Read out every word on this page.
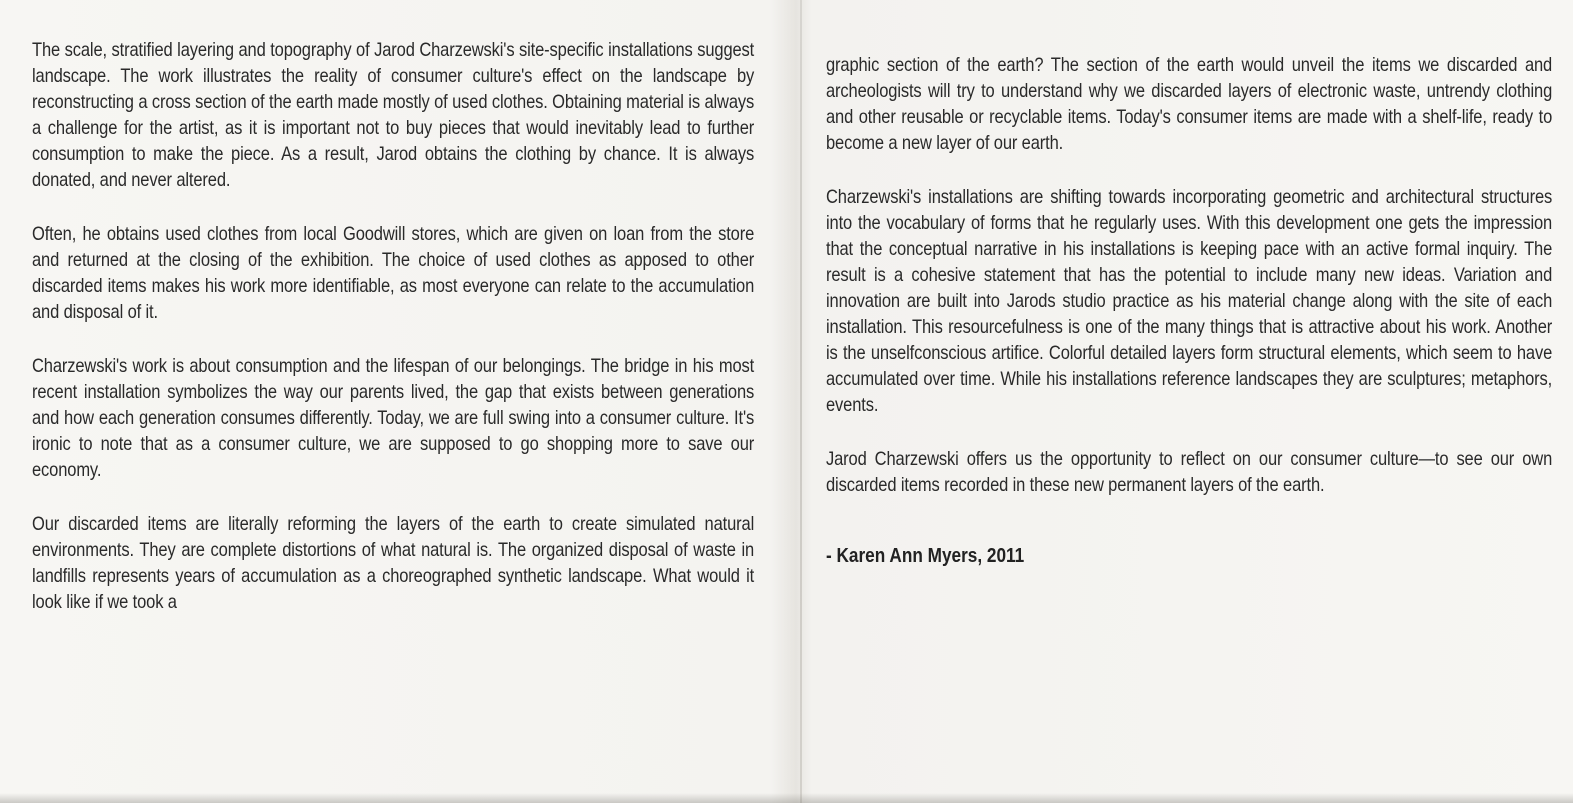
The scale, stratified layering and topography of Jarod Charzewski's site-specific installations suggest landscape. The work illustrates the reality of consumer culture's effect on the landscape by reconstructing a cross section of the earth made mostly of used clothes. Obtaining material is always a challenge for the artist, as it is important not to buy pieces that would inevitably lead to further consumption to make the piece. As a result, Jarod obtains the clothing by chance. It is always donated, and never altered.

Often, he obtains used clothes from local Goodwill stores, which are given on loan from the store and returned at the closing of the exhibition. The choice of used clothes as apposed to other discarded items makes his work more identifiable, as most everyone can relate to the accumulation and disposal of it.

Charzewski's work is about consumption and the lifespan of our belongings. The bridge in his most recent installation symbolizes the way our parents lived, the gap that exists between generations and how each generation consumes differently. Today, we are full swing into a consumer culture. It's ironic to note that as a consumer culture, we are supposed to go shopping more to save our economy.

Our discarded items are literally reforming the layers of the earth to create simulated natural environments. They are complete distortions of what natural is. The organized disposal of waste in landfills represents years of accumulation as a choreographed synthetic landscape. What would it look like if we took a

graphic section of the earth? The section of the earth would unveil the items we discarded and archeologists will try to understand why we discarded layers of electronic waste, untrendy clothing and other reusable or recyclable items. Today's consumer items are made with a shelf-life, ready to become a new layer of our earth.

Charzewski's installations are shifting towards incorporating geometric and architectural structures into the vocabulary of forms that he regularly uses. With this development one gets the impression that the conceptual narrative in his installations is keeping pace with an active formal inquiry. The result is a cohesive statement that has the potential to include many new ideas. Variation and innovation are built into Jarods studio practice as his material change along with the site of each installation. This resourcefulness is one of the many things that is attractive about his work. Another is the unselfconscious artifice. Colorful detailed layers form structural elements, which seem to have accumulated over time. While his installations reference landscapes they are sculptures; metaphors, events.

Jarod Charzewski offers us the opportunity to reflect on our consumer culture—to see our own discarded items recorded in these new permanent layers of the earth.

- Karen Ann Myers, 2011
